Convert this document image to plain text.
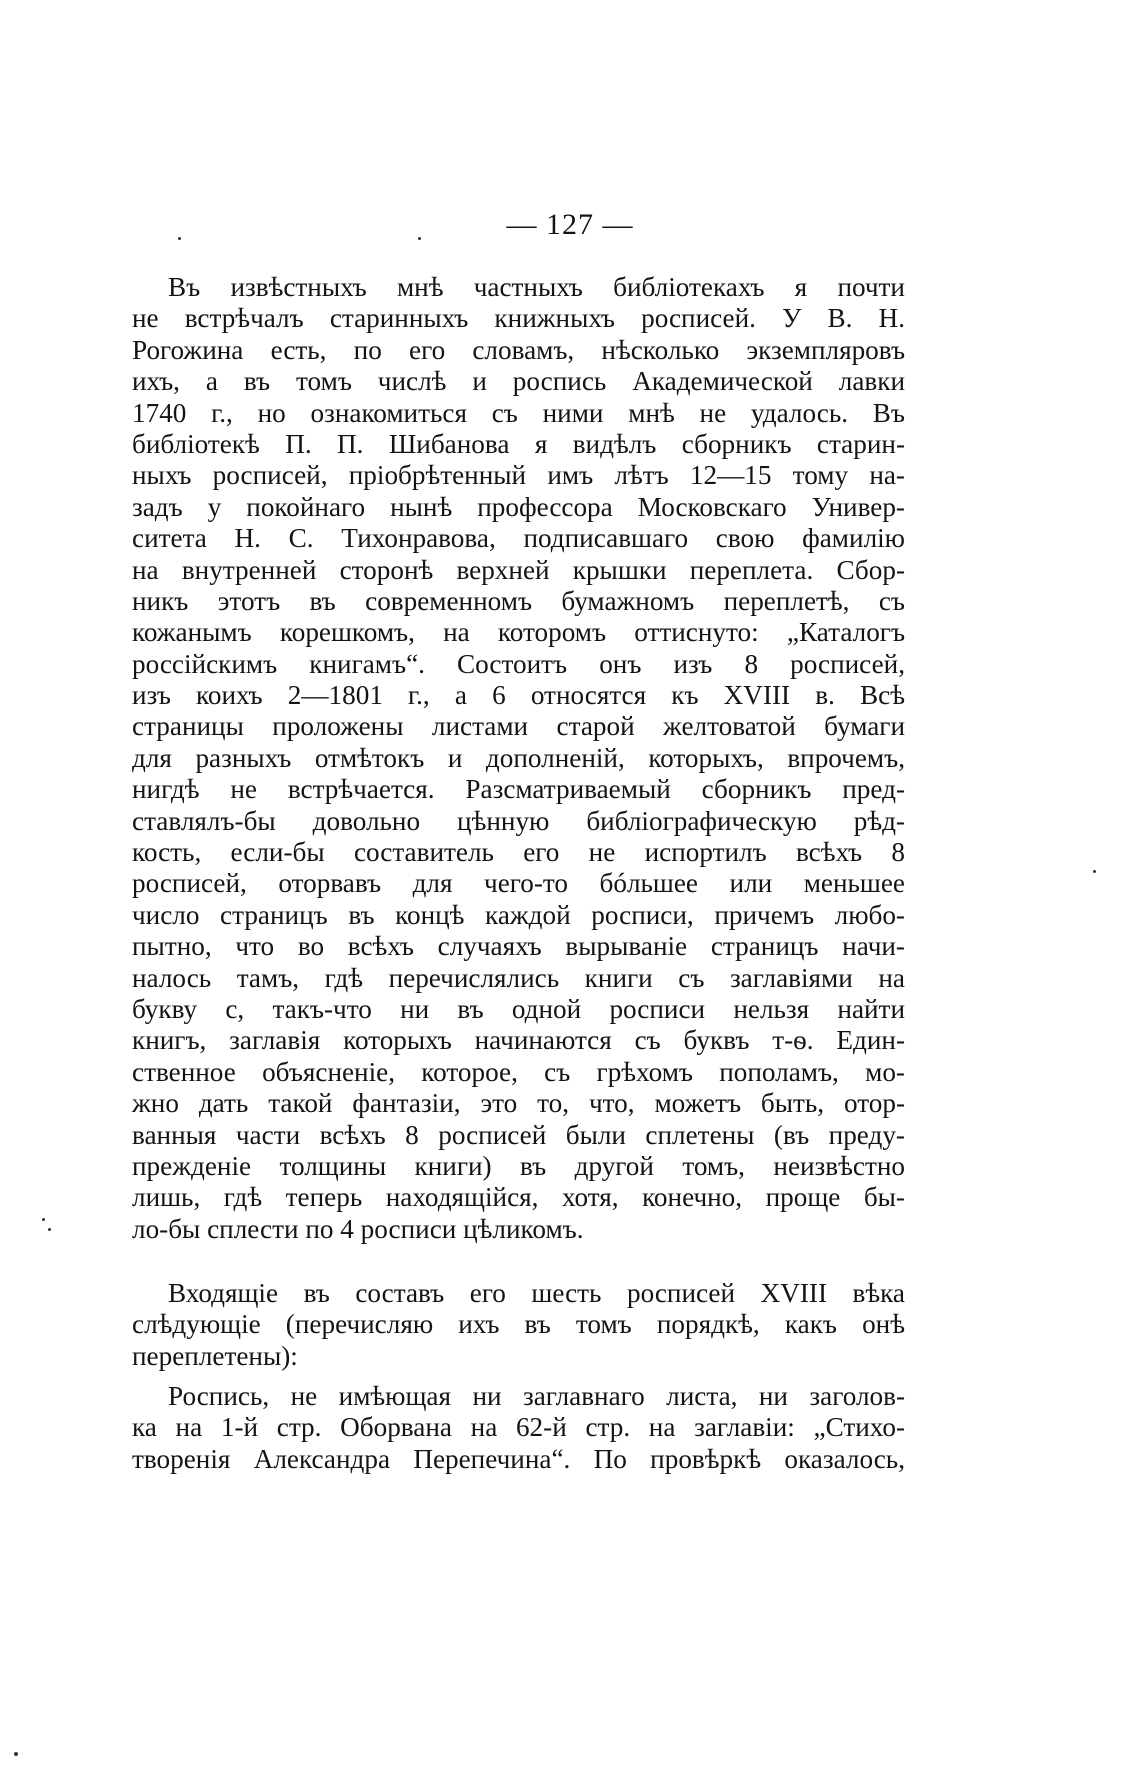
— 127 —
Въ извѣстныхъ мнѣ частныхъ библіотекахъ я почти
не встрѣчалъ старинныхъ книжныхъ росписей. У В. Н.
Рогожина есть, по его словамъ, нѣсколько экземпляровъ
ихъ, а въ томъ числѣ и роспись Академической лавки
1740 г., но ознакомиться съ ними мнѣ не удалось. Въ
библіотекѣ П. П. Шибанова я видѣлъ сборникъ старин-
ныхъ росписей, пріобрѣтенный имъ лѣтъ 12—15 тому на-
задъ у покойнаго нынѣ профессора Московскаго Универ-
ситета Н. С. Тихонравова, подписавшаго свою фамилію
на внутренней сторонѣ верхней крышки переплета. Сбор-
никъ этотъ въ современномъ бумажномъ переплетѣ, съ
кожанымъ корешкомъ, на которомъ оттиснуто: „Каталогъ
россійскимъ книгамъ“. Состоитъ онъ изъ 8 росписей,
изъ коихъ 2—1801 г., а 6 относятся къ XVIII в. Всѣ
страницы проложены листами старой желтоватой бумаги
для разныхъ отмѣтокъ и дополненій, которыхъ, впрочемъ,
нигдѣ не встрѣчается. Разсматриваемый сборникъ пред-
ставлялъ-бы довольно цѣнную библіографическую рѣд-
кость, если-бы составитель его не испортилъ всѣхъ 8
росписей, оторвавъ для чего-то бóльшее или меньшее
число страницъ въ концѣ каждой росписи, причемъ любо-
пытно, что во всѣхъ случаяхъ вырываніе страницъ начи-
налось тамъ, гдѣ перечислялись книги съ заглавіями на
букву с, такъ-что ни въ одной росписи нельзя найти
книгъ, заглавія которыхъ начинаются съ буквъ т-ѳ. Един-
ственное объясненіе, которое, съ грѣхомъ пополамъ, мо-
жно дать такой фантазіи, это то, что, можетъ быть, отор-
ванныя части всѣхъ 8 росписей были сплетены (въ преду-
прежденіе толщины книги) въ другой томъ, неизвѣстно
лишь, гдѣ теперь находящійся, хотя, конечно, проще бы-
ло-бы сплести по 4 росписи цѣликомъ.
Входящіе въ составъ его шесть росписей XVIII вѣка
слѣдующіе (перечисляю ихъ въ томъ порядкѣ, какъ онѣ
переплетены):
Роспись, не имѣющая ни заглавнаго листа, ни заголов-
ка на 1-й стр. Оборвана на 62-й стр. на заглавіи: „Стихо-
творенія Александра Перепечина“. По провѣркѣ оказалось,
